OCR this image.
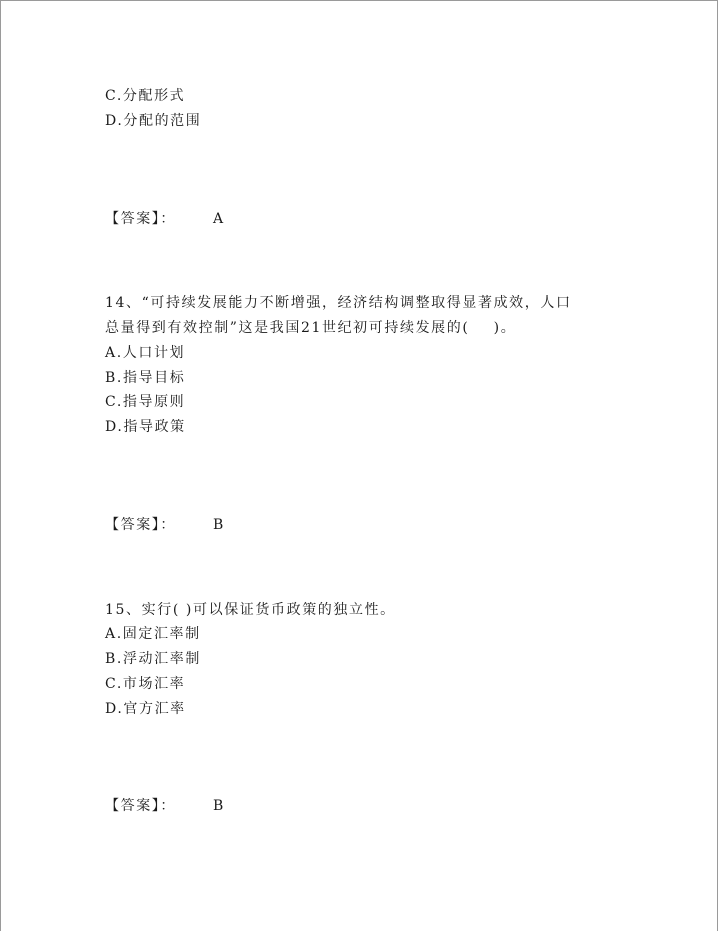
C.分配形式
D.分配的范围
【答案】：	A
14、“可持续发展能力不断增强，经济结构调整取得显著成效，人口
总量得到有效控制”这是我国21世纪初可持续发展的(    )。
A.人口计划
B.指导目标
C.指导原则
D.指导政策
【答案】：	B
15、实行( )可以保证货币政策的独立性。
A.固定汇率制
B.浮动汇率制
C.市场汇率
D.官方汇率
【答案】：	B
